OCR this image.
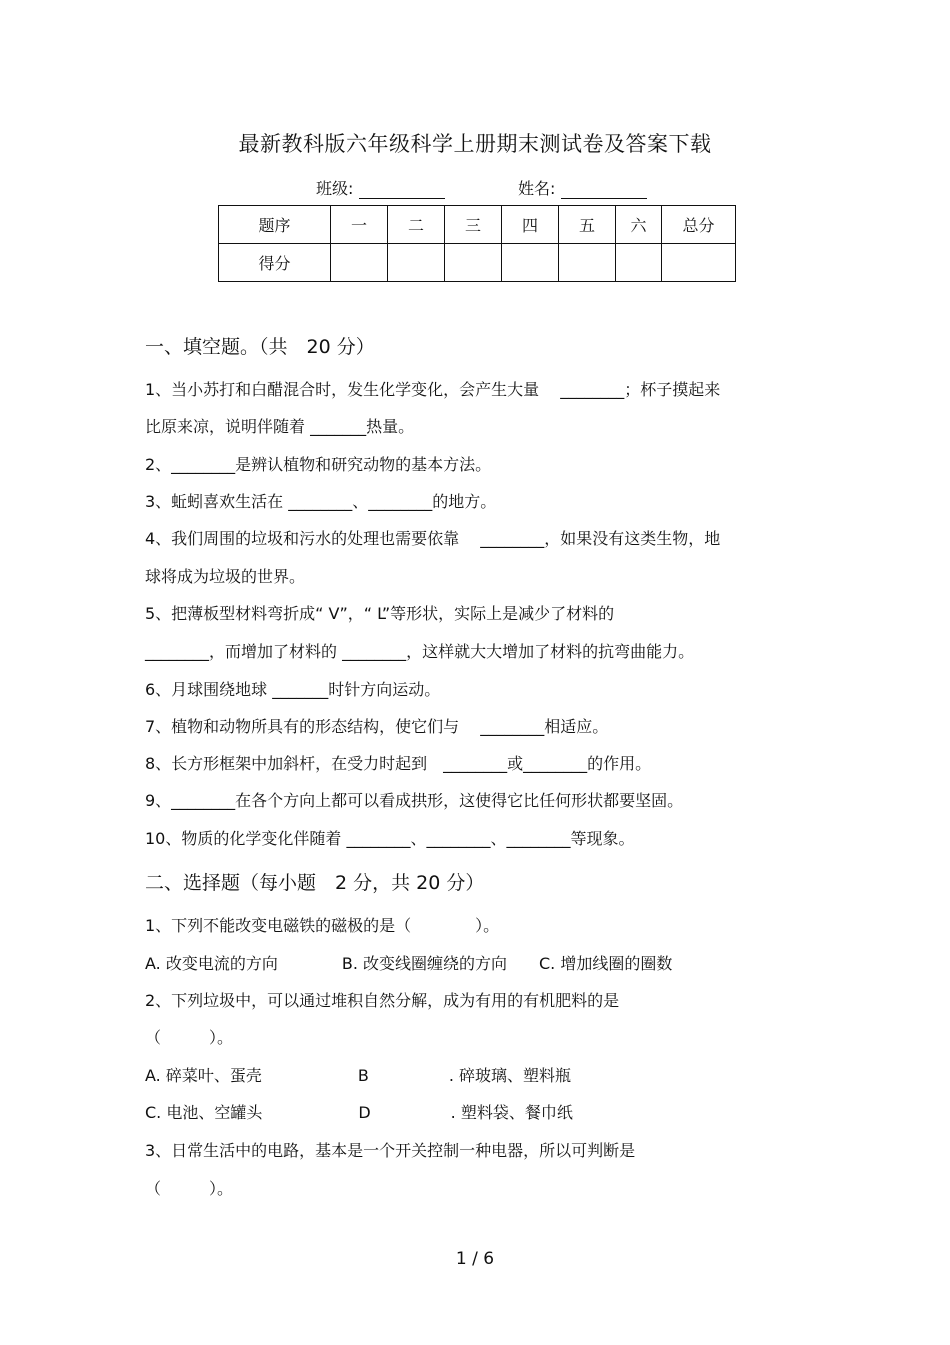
最新教科版六年级科学上册期末测试卷及答案下载
班级:	姓名:
题序	一	二	三	四	五	六	总分
得分							
一、填空题。（共　20 分）
1、当小苏打和白醋混合时，发生化学变化，会产生大量　 ________；杯子摸起来
比原来凉，说明伴随着 _______热量。
2、________是辨认植物和研究动物的基本方法。
3、蚯蚓喜欢生活在 ________、________的地方。
4、我们周围的垃圾和污水的处理也需要依靠　 ________，如果没有这类生物，地
球将成为垃圾的世界。
5、把薄板型材料弯折成“ V”，“ L”等形状，实际上是减少了材料的
________，而增加了材料的 ________，这样就大大增加了材料的抗弯曲能力。
6、月球围绕地球 _______时针方向运动。
7、植物和动物所具有的形态结构，使它们与　 ________相适应。
8、长方形框架中加斜杆，在受力时起到　________或________的作用。
9、________在各个方向上都可以看成拱形，这使得它比任何形状都要坚固。
10、物质的化学变化伴随着 ________、________、________等现象。
二、选择题（每小题　2 分，共 20 分）
1、下列不能改变电磁铁的磁极的是（　　　　）。
A. 改变电流的方向　　　　B. 改变线圈缠绕的方向　　C. 增加线圈的圈数
2、下列垃圾中，可以通过堆积自然分解，成为有用的有机肥料的是
（　　　）。
A. 碎菜叶、蛋壳　　　　　　B　　　　　. 碎玻璃、塑料瓶
C. 电池、空罐头　　　　　　D　　　　　. 塑料袋、餐巾纸
3、日常生活中的电路，基本是一个开关控制一种电器，所以可判断是
（　　　）。
1 / 6
